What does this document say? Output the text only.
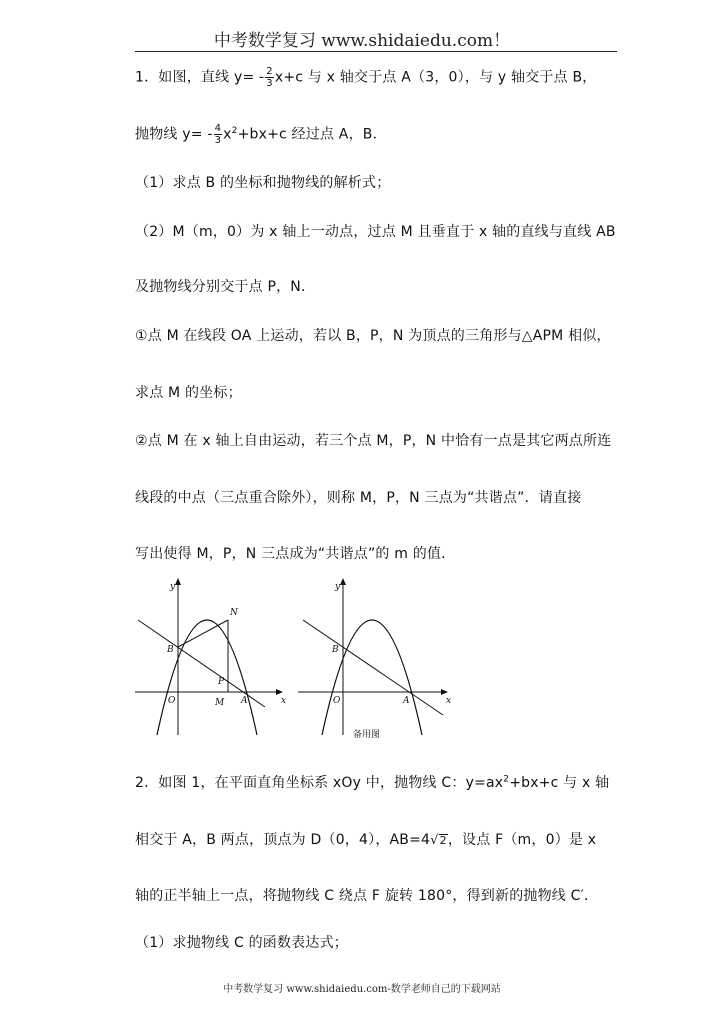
中考数学复习 www.shidaiedu.com！
1．如图，直线 $y= - \frac{2}{3} x+c$ 与 x 轴交于点 A（3，0），与 y 轴交于点 B，
抛物线 $y= - \frac{4}{3} x^2+bx+c$ 经过点 A，B．
（1）求点 B 的坐标和抛物线的解析式；
（2）M（m，0）为 x 轴上一动点，过点 M 且垂直于 x 轴的直线与直线 AB
及抛物线分别交于点 P，N．
①点 M 在线段 OA 上运动，若以 B，P，N 为顶点的三角形与△APM 相似，
求点 M 的坐标；
②点 M 在 x 轴上自由运动，若三个点 M，P，N 中恰有一点是其它两点所连
线段的中点（三点重合除外），则称 M，P，N 三点为“共谐点”．请直接
写出使得 M，P，N 三点成为“共谐点”的 m 的值．
y
x
O
B
N
P
M A
y
x
O
B
A
备用图
2．如图 1，在平面直角坐标系 xOy 中，抛物线 C：$y=ax^2+bx+c$ 与 x 轴
相交于 A，B 两点，顶点为 D（0，4），AB=4√2，设点 F（m，0）是 x
轴的正半轴上一点，将抛物线 C 绕点 F 旋转 180°，得到新的抛物线 C′．
（1）求抛物线 C 的函数表达式；
中考数学复习 www.shidaiedu.com-数学老师自己的下载网站
